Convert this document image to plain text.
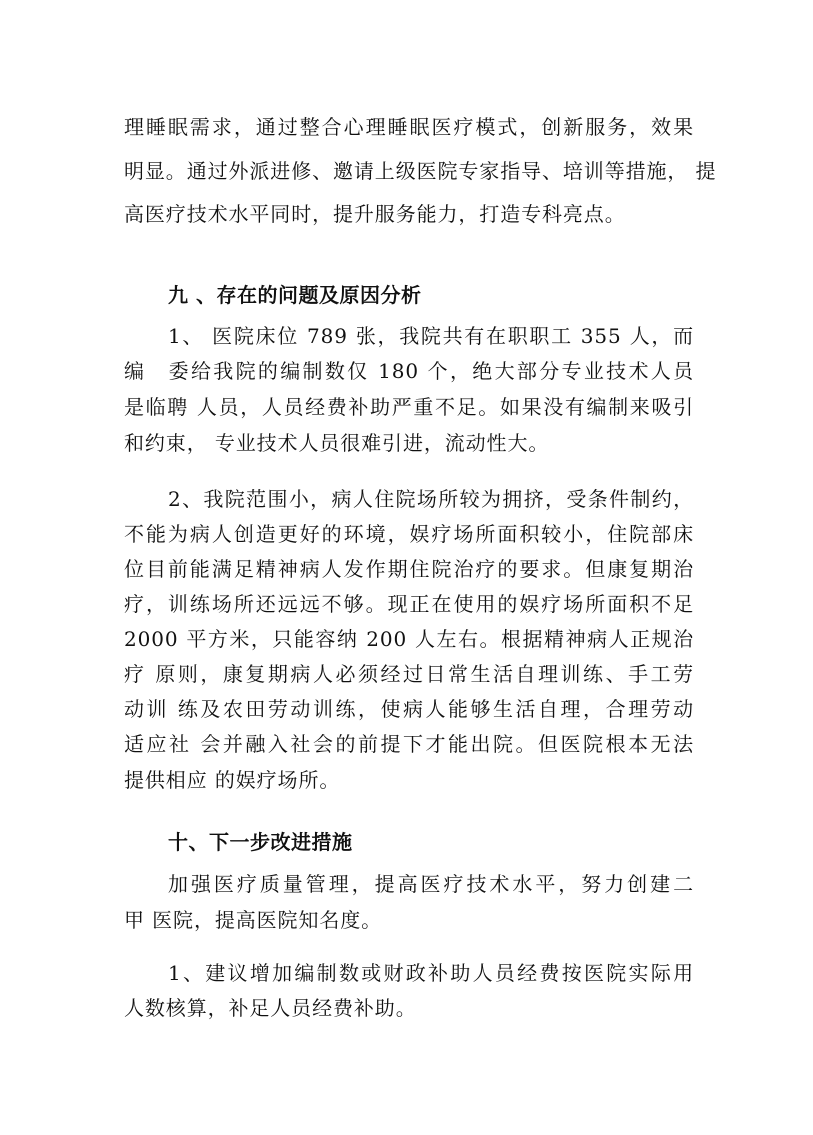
理睡眠需求，通过整合心理睡眠医疗模式，创新服务，效果
明显。通过外派进修、邀请上级医院专家指导、培训等措施， 提
高医疗技术水平同时，提升服务能力，打造专科亮点。
九 、存在的问题及原因分析
1、 医院床位 789 张，我院共有在职职工 355 人，而
编　委给我院的编制数仅 180 个，绝大部分专业技术人员
是临聘 人员，人员经费补助严重不足。如果没有编制来吸引
和约束， 专业技术人员很难引进，流动性大。
2、我院范围小，病人住院场所较为拥挤，受条件制约，
不能为病人创造更好的环境，娱疗场所面积较小，住院部床
位目前能满足精神病人发作期住院治疗的要求。但康复期治
疗，训练场所还远远不够。现正在使用的娱疗场所面积不足
2000 平方米，只能容纳 200 人左右。根据精神病人正规治
疗 原则，康复期病人必须经过日常生活自理训练、手工劳
动训 练及农田劳动训练，使病人能够生活自理，合理劳动
适应社 会并融入社会的前提下才能出院。但医院根本无法
提供相应 的娱疗场所。
十、下一步改进措施
加强医疗质量管理，提高医疗技术水平，努力创建二
甲 医院，提高医院知名度。
1、建议增加编制数或财政补助人员经费按医院实际用
人数核算，补足人员经费补助。
